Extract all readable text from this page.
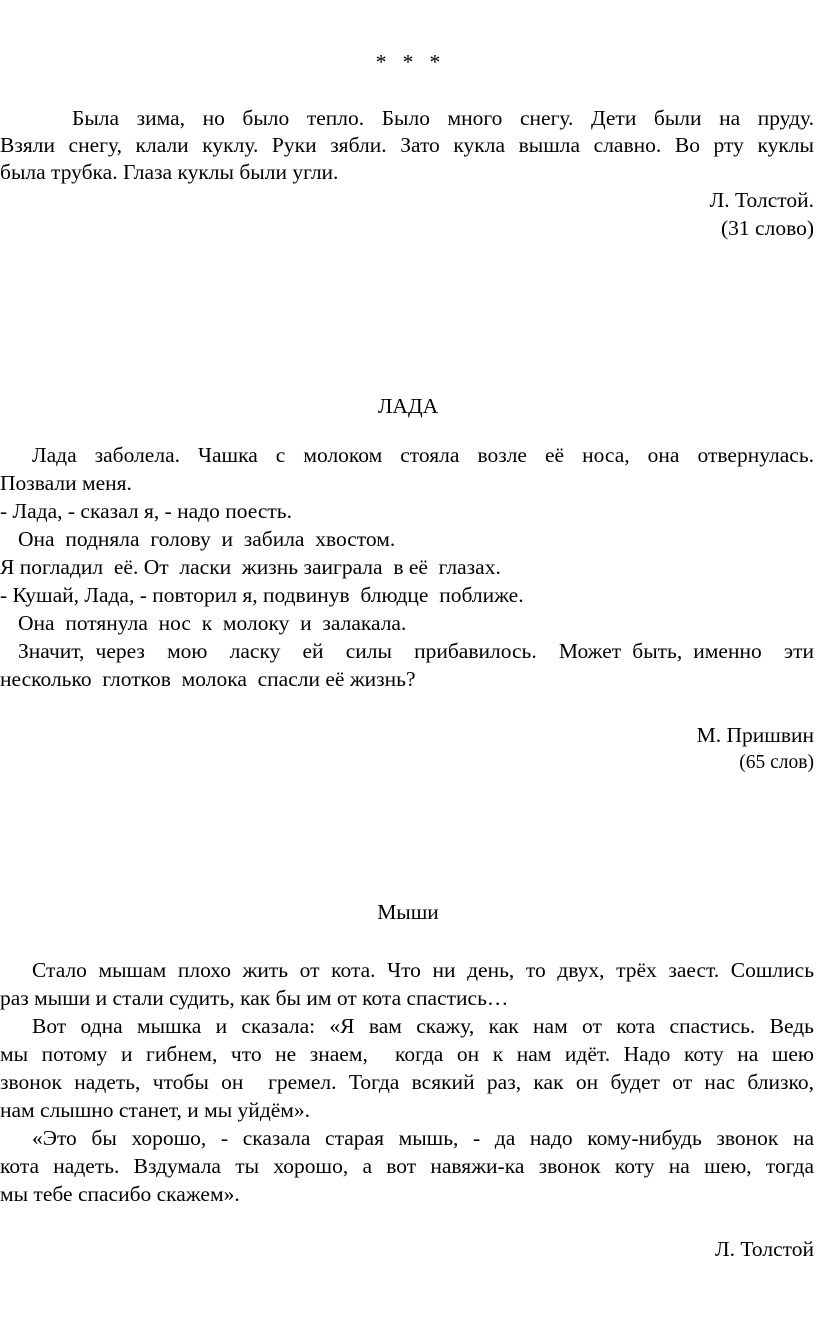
*   *   *
Была  зима,  но  было  тепло.  Было  много  снегу.  Дети  были  на  пруду.
Взяли снегу, клали куклу. Руки зябли. Зато кукла вышла славно. Во рту куклы
была трубка. Глаза куклы были угли.
Л. Толстой.
(31 слово)
ЛАДА
Лада  заболела.  Чашка  с  молоком  стояла  возле  её  носа,  она  отвернулась.
Позвали меня.
- Лада, - сказал я, - надо поесть.
Она  подняла  голову  и  забила  хвостом.
Я погладил  её. От  ласки  жизнь заиграла  в её  глазах.
- Кушай, Лада, - повторил я, подвинув  блюдце  поближе.
Она  потянула  нос  к  молоку  и  залакала.
Значит, через  мою  ласку  ей  силы  прибавилось.  Может быть, именно  эти
несколько  глотков  молока  спасли её жизнь?
М. Пришвин
(65 слов)
Мыши
Стало мышам плохо жить от кота. Что ни день, то двух, трёх заест. Сошлись
раз мыши и стали судить, как бы им от кота спастись…
Вот одна мышка и сказала: «Я вам скажу, как нам от кота спастись. Ведь
мы потому и гибнем, что не знаем,  когда он к нам идёт. Надо коту на шею
звонок надеть, чтобы он  гремел. Тогда всякий раз, как он будет от нас близко,
нам слышно станет, и мы уйдём».
«Это бы хорошо, - сказала старая мышь, - да надо кому-нибудь звонок на
кота надеть. Вздумала ты хорошо, а вот навяжи-ка звонок коту на шею, тогда
мы тебе спасибо скажем».
Л. Толстой
